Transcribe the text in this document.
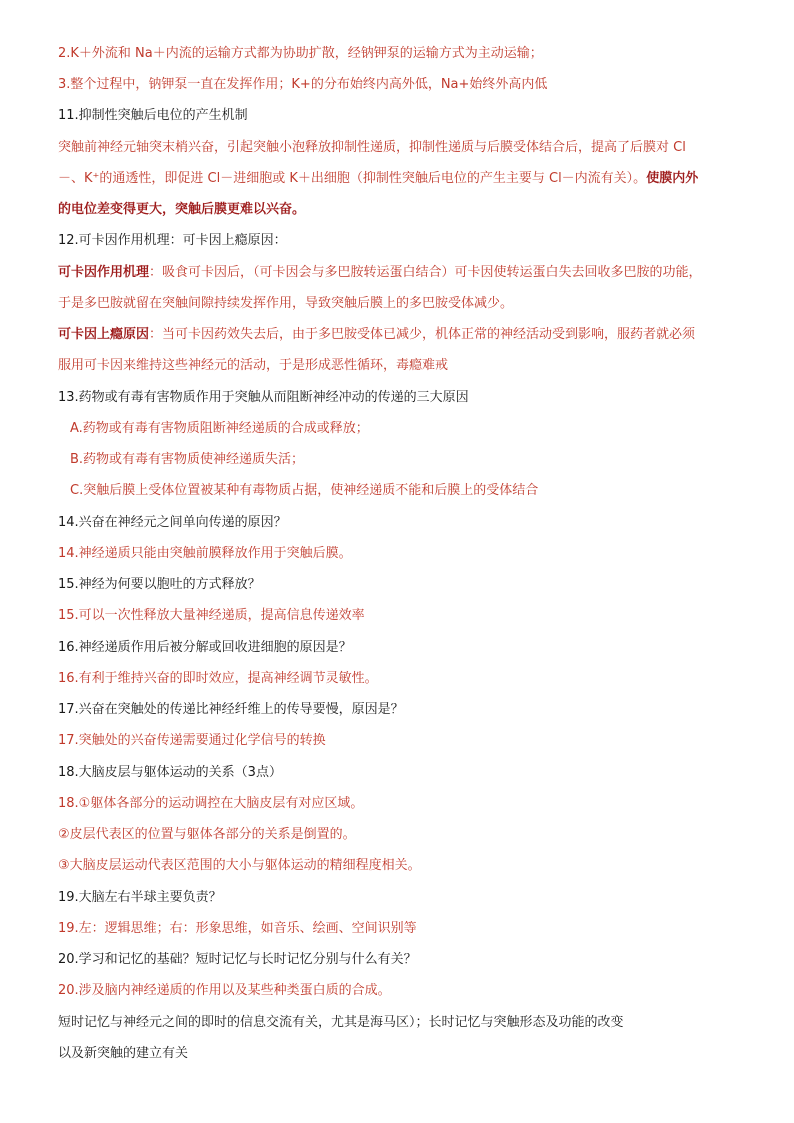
2.K＋外流和 Na＋内流的运输方式都为协助扩散，经钠钾泵的运输方式为主动运输；
3.整个过程中，钠钾泵一直在发挥作用；K+的分布始终内高外低，Na+始终外高内低
11.抑制性突触后电位的产生机制
突触前神经元轴突末梢兴奋，引起突触小泡释放抑制性递质，抑制性递质与后膜受体结合后，提高了后膜对 Cl
－、K⁺的通透性，即促进 Cl－进细胞或 K＋出细胞（抑制性突触后电位的产生主要与 Cl－内流有关）。使膜内外
的电位差变得更大，突触后膜更难以兴奋。
12.可卡因作用机理：可卡因上瘾原因：
可卡因作用机理：吸食可卡因后，（可卡因会与多巴胺转运蛋白结合）可卡因使转运蛋白失去回收多巴胺的功能，
于是多巴胺就留在突触间隙持续发挥作用，导致突触后膜上的多巴胺受体减少。
可卡因上瘾原因：当可卡因药效失去后，由于多巴胺受体已减少，机体正常的神经活动受到影响，服药者就必须
服用可卡因来维持这些神经元的活动，于是形成恶性循环，毒瘾难戒
13.药物或有毒有害物质作用于突触从而阻断神经冲动的传递的三大原因
A.药物或有毒有害物质阻断神经递质的合成或释放；
B.药物或有毒有害物质使神经递质失活；
C.突触后膜上受体位置被某种有毒物质占据，使神经递质不能和后膜上的受体结合
14.兴奋在神经元之间单向传递的原因？
14.神经递质只能由突触前膜释放作用于突触后膜。
15.神经为何要以胞吐的方式释放？
15.可以一次性释放大量神经递质，提高信息传递效率
16.神经递质作用后被分解或回收进细胞的原因是？
16.有利于维持兴奋的即时效应，提高神经调节灵敏性。
17.兴奋在突触处的传递比神经纤维上的传导要慢，原因是？
17.突触处的兴奋传递需要通过化学信号的转换
18.大脑皮层与躯体运动的关系（3点）
18.①躯体各部分的运动调控在大脑皮层有对应区域。
②皮层代表区的位置与躯体各部分的关系是倒置的。
③大脑皮层运动代表区范围的大小与躯体运动的精细程度相关。
19.大脑左右半球主要负责？
19.左：逻辑思维；右：形象思维，如音乐、绘画、空间识别等
20.学习和记忆的基础？短时记忆与长时记忆分别与什么有关？
20.涉及脑内神经递质的作用以及某些种类蛋白质的合成。
短时记忆与神经元之间的即时的信息交流有关，尤其是海马区）；长时记忆与突触形态及功能的改变
以及新突触的建立有关
